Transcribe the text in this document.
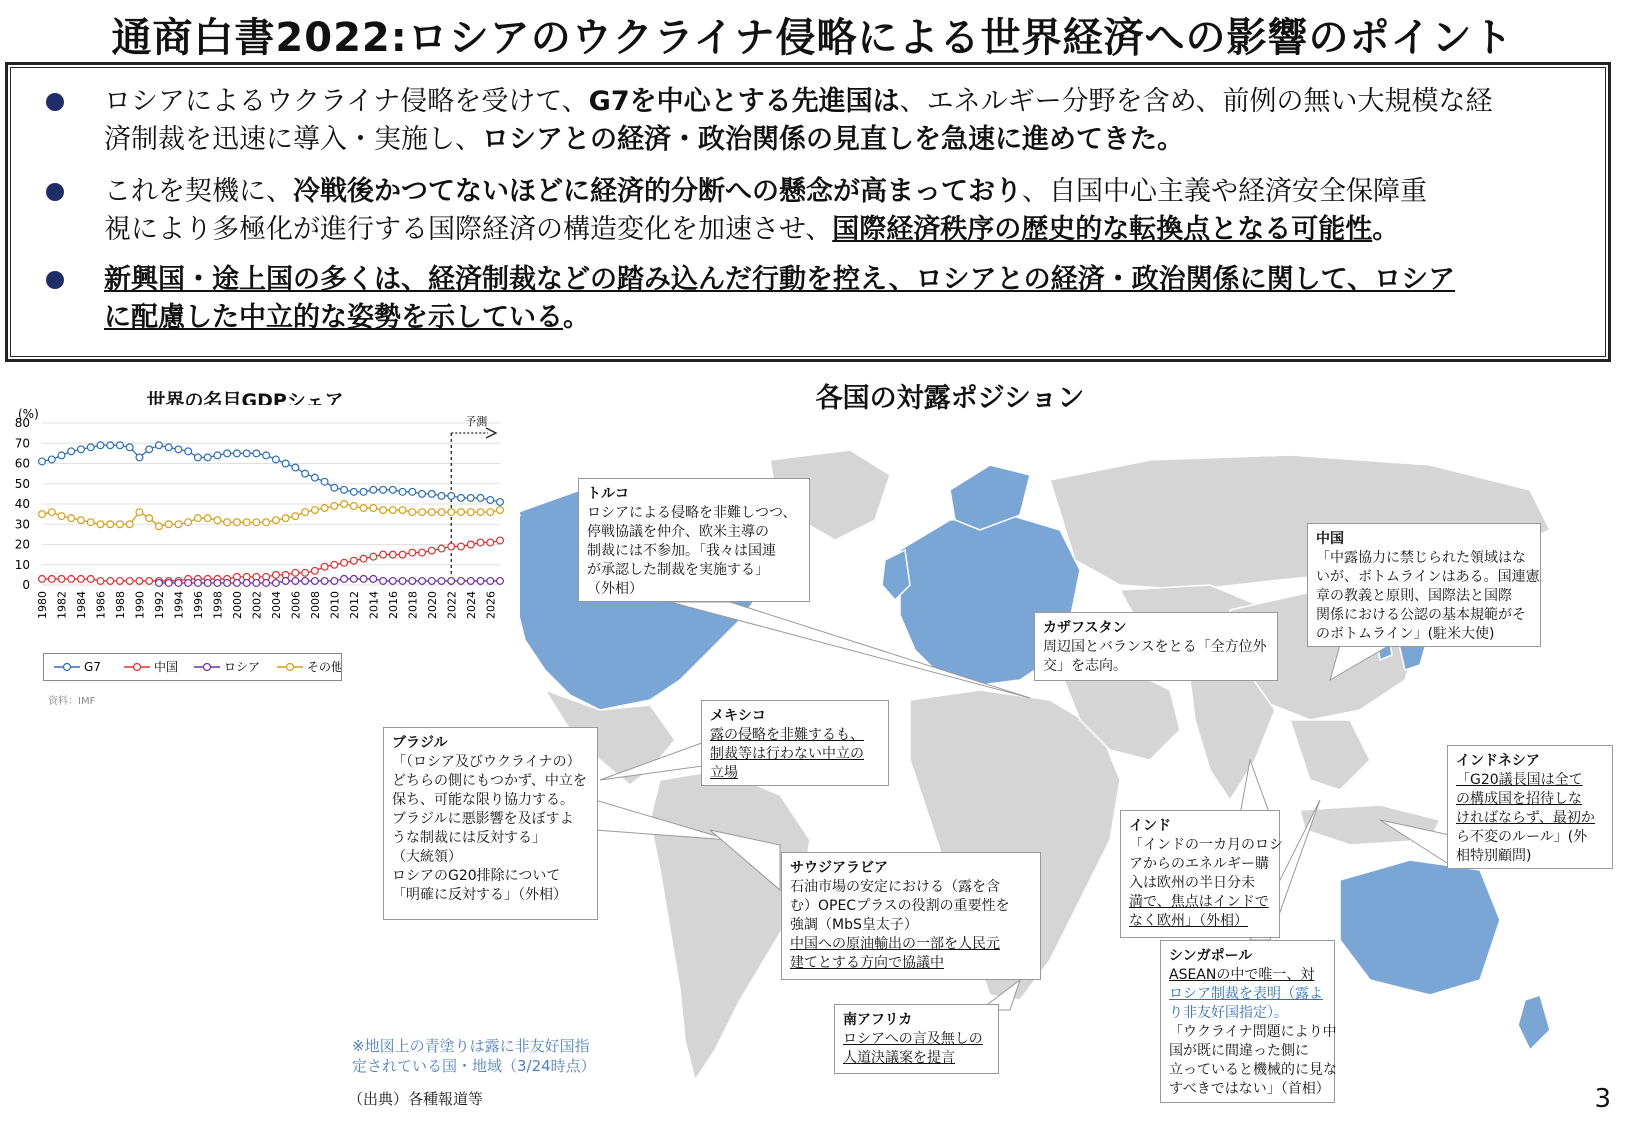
通商白書2022:ロシアのウクライナ侵略による世界経済への影響のポイント
ロシアによるウクライナ侵略を受けて、G7を中心とする先進国は、エネルギー分野を含め、前例の無い大規模な経
済制裁を迅速に導入・実施し、ロシアとの経済・政治関係の見直しを急速に進めてきた。
これを契機に、冷戦後かつてないほどに経済的分断への懸念が高まっており、自国中心主義や経済安全保障重
視により多極化が進行する国際経済の構造変化を加速させ、国際経済秩序の歴史的な転換点となる可能性。
新興国・途上国の多くは、経済制裁などの踏み込んだ行動を控え、ロシアとの経済・政治関係に関して、ロシア
に配慮した中立的な姿勢を示している。
各国の対露ポジション
世界の名目GDPシェア
(%)
0
10
20
30
40
50
60
70
80
1980 1982 1984 1986 1988 1990 1992 1994 1996 1998 2000 2002 2004 2006 2008 2010 2012 2014 2016 2018 2020 2022 2024 2026
予測
G7	中国	ロシア	その他
資料：IMF
トルコ
ロシアによる侵略を非難しつつ、
停戦協議を仲介、欧米主導の
制裁には不参加。「我々は国連
が承認した制裁を実施する」
（外相）
中国
「中露協力に禁じられた領域はな
いが、ボトムラインはある。国連憲
章の教義と原則、国際法と国際
関係における公認の基本規範がそ
のボトムライン」(駐米大使)
カザフスタン
周辺国とバランスをとる「全方位外
交」を志向。
メキシコ
露の侵略を非難するも、
制裁等は行わない中立の
立場
ブラジル
「（ロシア及びウクライナの）
どちらの側にもつかず、中立を
保ち、可能な限り協力する。
ブラジルに悪影響を及ぼすよ
うな制裁には反対する」
（大統領）
ロシアのG20排除について
「明確に反対する」（外相）
インドネシア
「G20議長国は全て
の構成国を招待しな
ければならず、最初か
ら不変のルール」(外
相特別顧問)
インド
「インドの一カ月のロシ
アからのエネルギー購
入は欧州の半日分未
満で、焦点はインドで
なく欧州」（外相）
サウジアラビア
石油市場の安定における（露を含
む）OPECプラスの役割の重要性を
強調（MbS皇太子）
中国への原油輸出の一部を人民元
建てとする方向で協議中	シンガポール
ASEANの中で唯一、対
ロシア制裁を表明（露よ
り非友好国指定）。
「ウクライナ問題により中
国が既に間違った側に
立っていると機械的に見な
すべきではない」（首相）
南アフリカ
ロシアへの言及無しの
人道決議案を提言
※地図上の青塗りは露に非友好国指
定されている国・地域（3/24時点）
（出典）各種報道等	3
